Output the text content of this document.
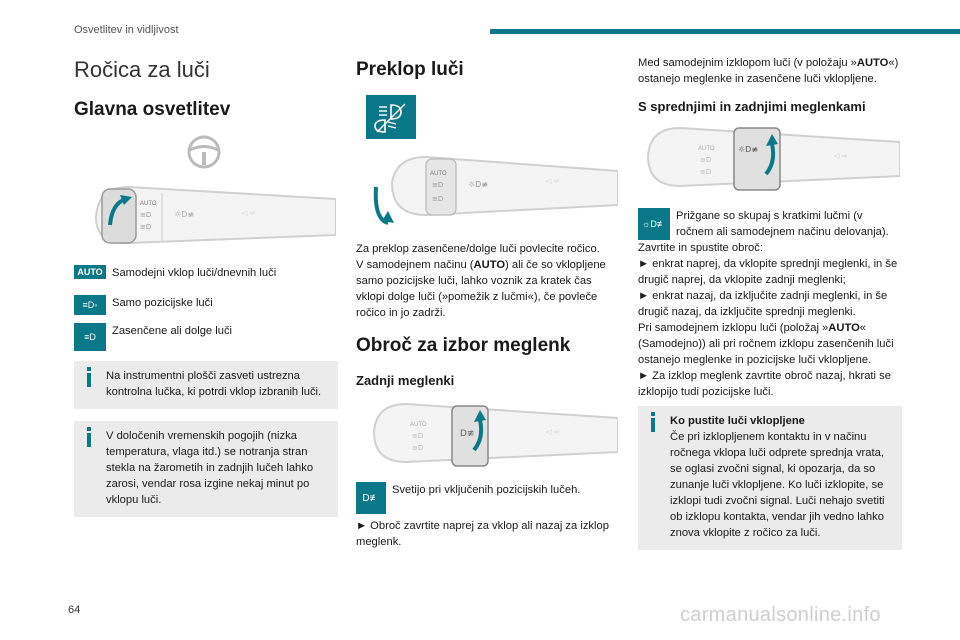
Osvetlitev in vidljivost
Ročica za luči
Glavna osvetlitev
AUTO
≡D
≡D
☼D≢	◁ ⇨
AUTO Samodejni vklop luči/dnevnih luči
≡D◦ Samo pozicijske luči
≡D Zasenčene ali dolge luči

Na instrumentni plošči zasveti ustrezna kontrolna lučka, ki potrdi vklop izbranih luči.

V določenih vremenskih pogojih (nizka temperatura, vlaga itd.) se notranja stran stekla na žarometih in zadnjih lučeh lahko zarosi, vendar rosa izgine nekaj minut po vklopu luči.

Preklop luči
AUTO
≡D
≡D
☼D≢	◁ ⇨

Za preklop zasenčene/dolge luči povlecite ročico.

V samodejnem načinu (AUTO) ali če so vklopljene samo pozicijske luči, lahko voznik za kratek čas vklopi dolge luči (»pomežik z lučmi«), če povleče ročico in jo zadrži.

Obroč za izbor meglenk
Zadnji meglenki
AUTO
≡D
≡D
D≢	◁ ⇨
D≢
Svetijo pri vključenih pozicijskih lučeh.

► Obroč zavrtite naprej za vklop ali nazaj za izklop meglenk.

Med samodejnim izklopom luči (v položaju »AUTO«) ostanejo meglenke in zasenčene luči vklopljene.

S sprednjimi in zadnjimi meglenkami
AUTO
≡D
≡D
☼D≢
◁ ⇨
☼D≢

Prižgane so skupaj s kratkimi lučmi (v ročnem ali samodejnem načinu delovanja).

Zavrtite in spustite obroč:

► enkrat naprej, da vklopite sprednji meglenki, in še drugič naprej, da vklopite zadnji meglenki;

► enkrat nazaj, da izključite zadnji meglenki, in še drugič nazaj, da izključite sprednji meglenki.

Pri samodejnem izklopu luči (položaj »AUTO« (Samodejno)) ali pri ročnem izklopu zasenčenih luči ostanejo meglenke in pozicijske luči vklopljene.

► Za izklop meglenk zavrtite obroč nazaj, hkrati se izklopijo tudi pozicijske luči.

Ko pustite luči vklopljene

Če pri izklopljenem kontaktu in v načinu ročnega vklopa luči odprete sprednja vrata, se oglasi zvočni signal, ki opozarja, da so zunanje luči vklopljene. Ko luči izklopite, se izklopi tudi zvočni signal. Luči nehajo svetiti ob izklopu kontakta, vendar jih vedno lahko znova vklopite z ročico za luči.

64	carmanualsonline.info
